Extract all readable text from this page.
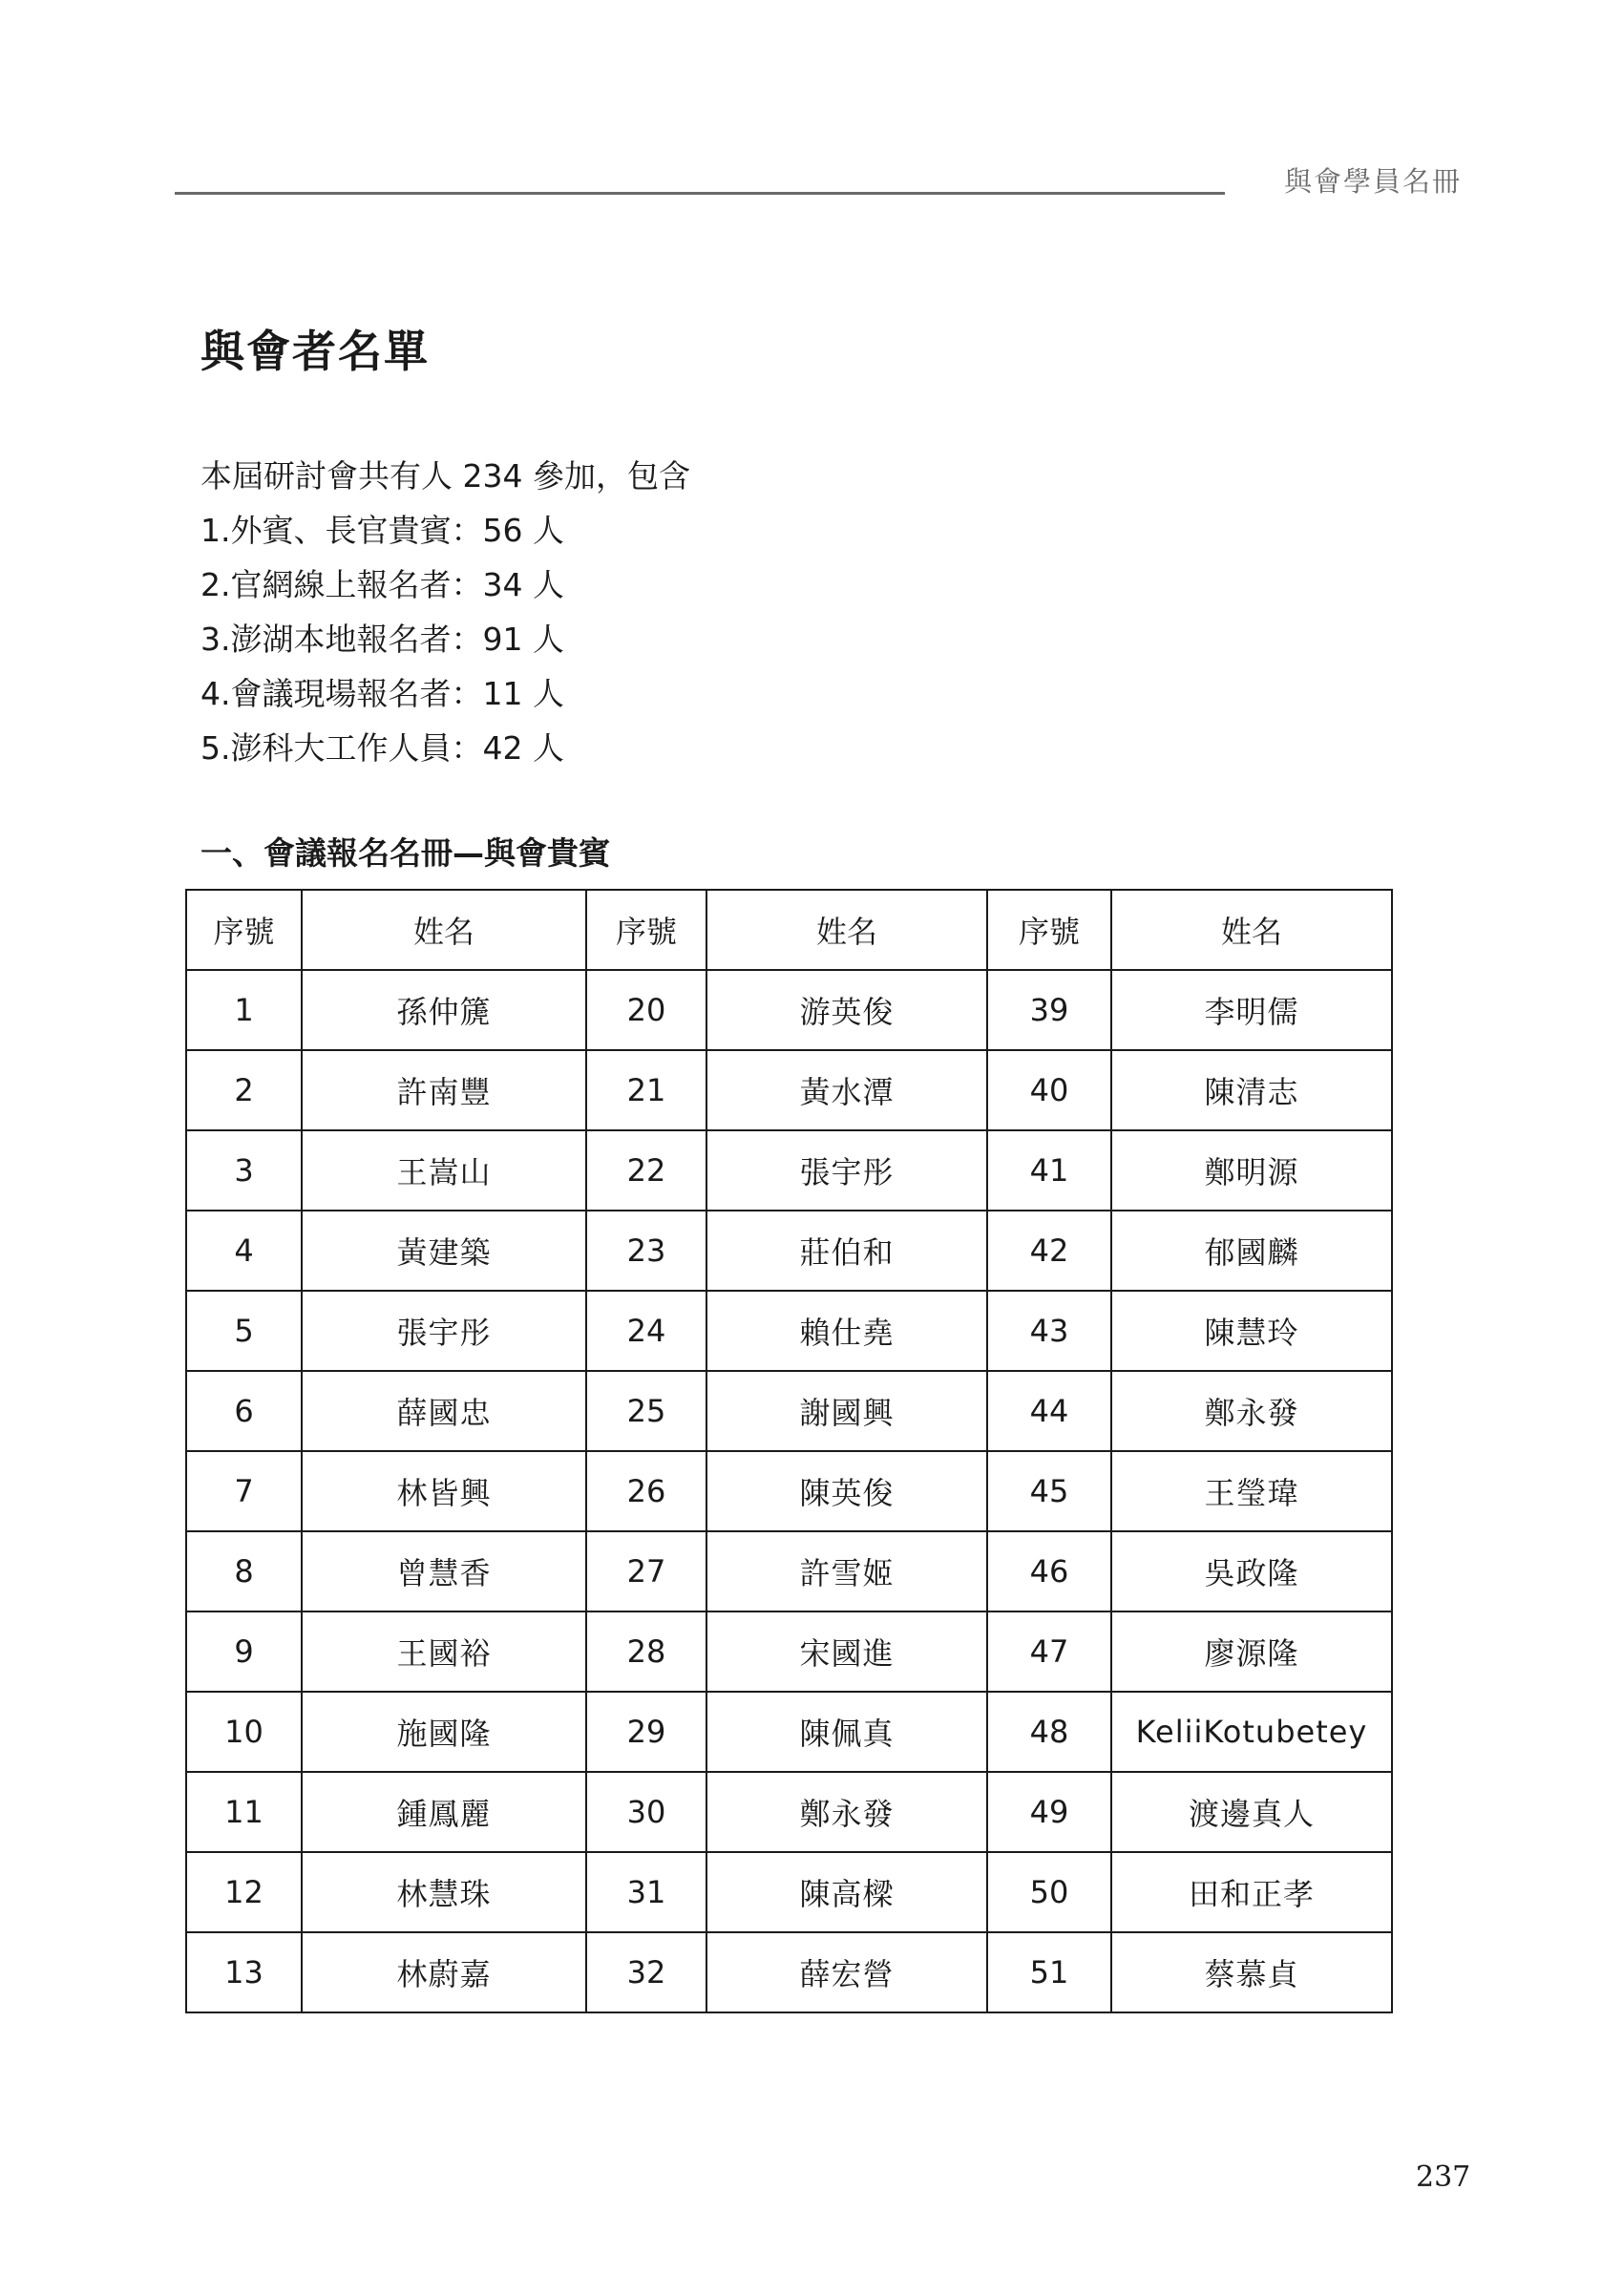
與會學員名冊
與會者名單
本屆研討會共有人 234 參加，包含
1.外賓、長官貴賓：56 人
2.官網線上報名者：34 人
3.澎湖本地報名者：91 人
4.會議現場報名者：11 人
5.澎科大工作人員：42 人
一、會議報名名冊—與會貴賓
序號	姓名	序號	姓名	序號	姓名
1	孫仲篪	20	游英俊	39	李明儒
2	許南豐	21	黃水潭	40	陳清志
3	王嵩山	22	張宇彤	41	鄭明源
4	黃建築	23	莊伯和	42	郁國麟
5	張宇彤	24	賴仕堯	43	陳慧玲
6	薛國忠	25	謝國興	44	鄭永發
7	林皆興	26	陳英俊	45	王瑩瑋
8	曾慧香	27	許雪姬	46	吳政隆
9	王國裕	28	宋國進	47	廖源隆
10	施國隆	29	陳佩真	48	KeliiKotubetey
11	鍾鳳麗	30	鄭永發	49	渡邊真人
12	林慧珠	31	陳高樑	50	田和正孝
13	林蔚嘉	32	薛宏營	51	蔡慕貞
237
